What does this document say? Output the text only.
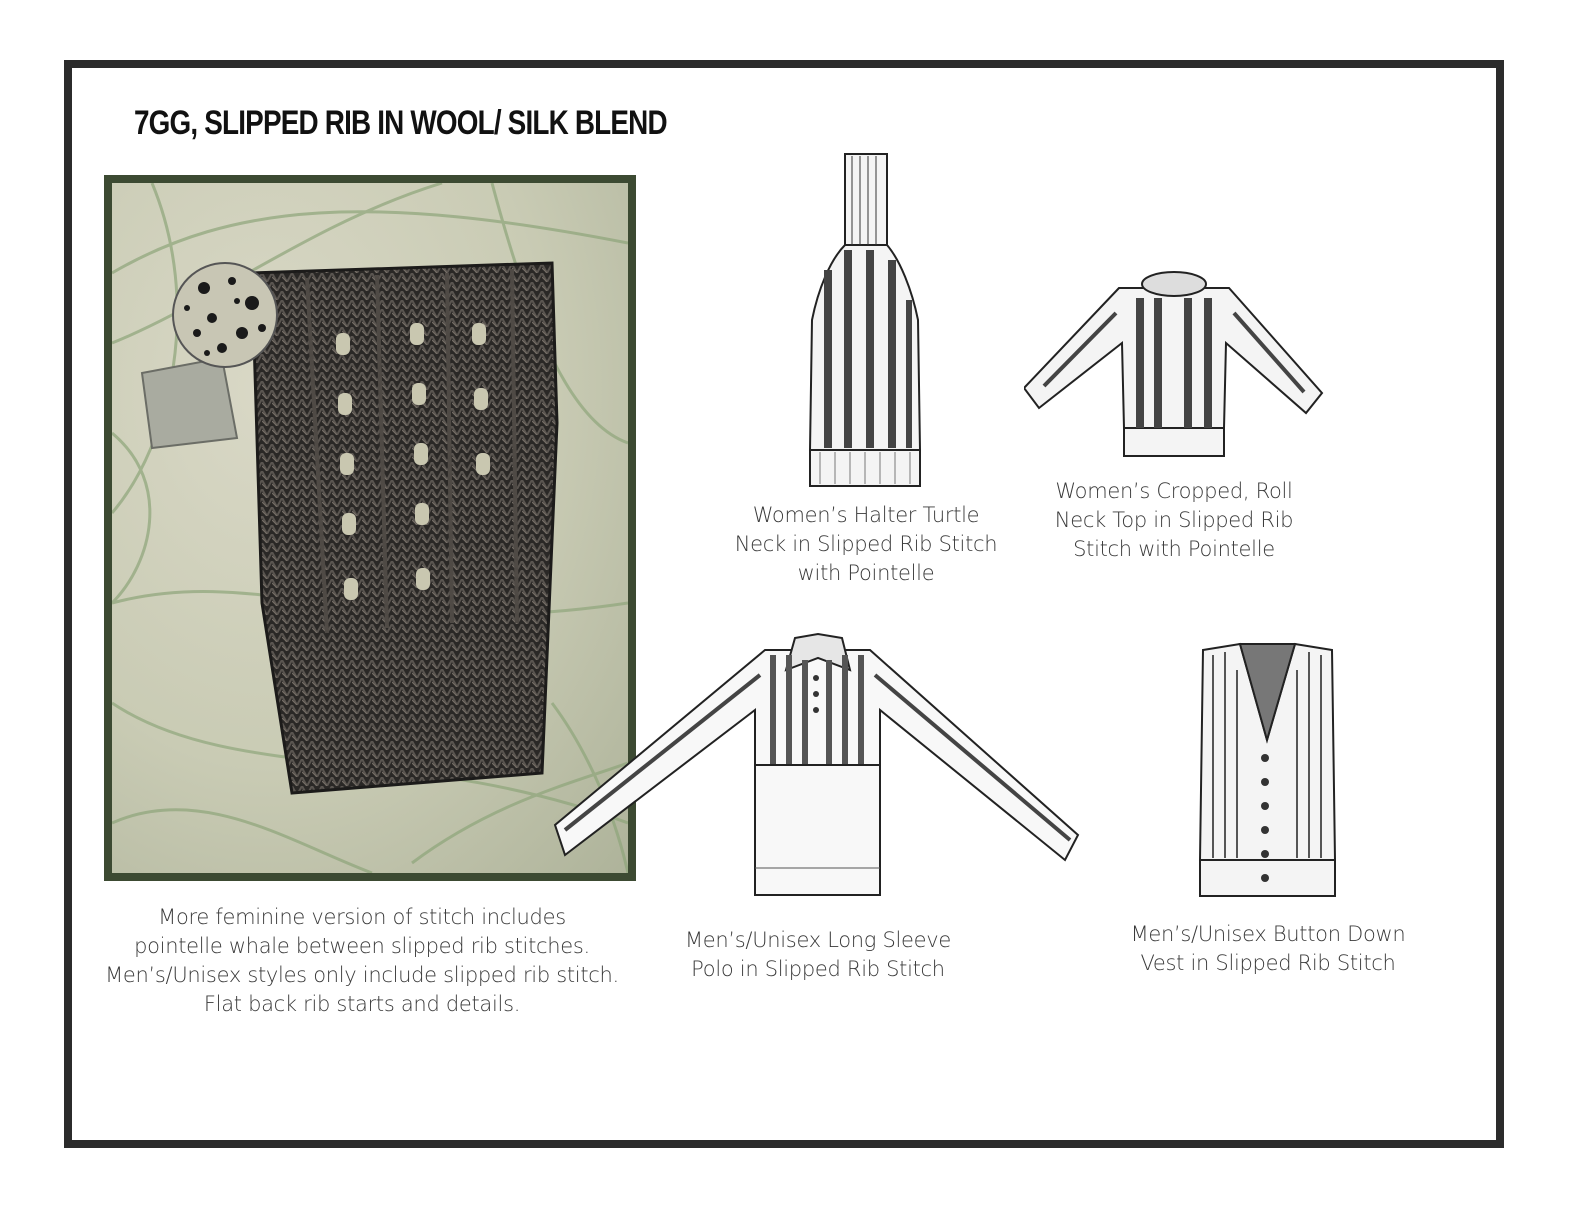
7GG, SLIPPED RIB IN WOOL/ SILK BLEND
More feminine version of stitch includes
pointelle whale between slipped rib stitches.
Men’s/Unisex styles only include slipped rib stitch.
Flat back rib starts and details.
Women’s Halter Turtle
Neck in Slipped Rib Stitch
with Pointelle
Women’s Cropped, Roll
Neck Top in Slipped Rib
Stitch with Pointelle
Men’s/Unisex Long Sleeve
Polo in Slipped Rib Stitch
Men’s/Unisex Button Down
Vest in Slipped Rib Stitch
